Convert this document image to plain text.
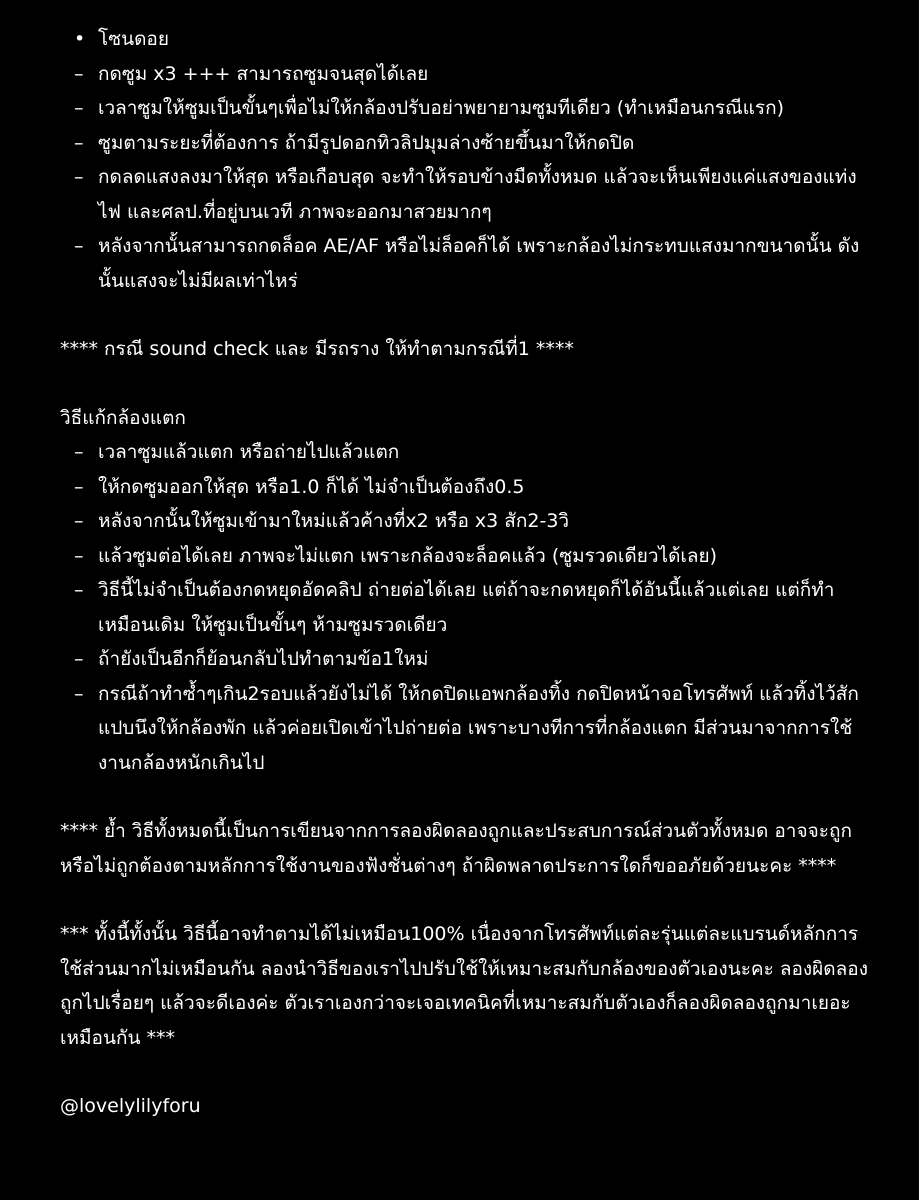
• โซนดอย
– กดซูม x3 +++ สามารถซูมจนสุดได้เลย
– เวลาซูมให้ซูมเป็นขั้นๆเพื่อไม่ให้กล้องปรับอย่าพยายามซูมทีเดียว (ทำเหมือนกรณีแรก)
– ซูมตามระยะที่ต้องการ ถ้ามีรูปดอกทิวลิปมุมล่างซ้ายขึ้นมาให้กดปิด
– กดลดแสงลงมาให้สุด หรือเกือบสุด จะทำให้รอบข้างมืดทั้งหมด แล้วจะเห็นเพียงแค่แสงของแท่งไฟ และศลป.ที่อยู่บนเวที ภาพจะออกมาสวยมากๆ
– หลังจากนั้นสามารถกดล็อค AE/AF หรือไม่ล็อคก็ได้ เพราะกล้องไม่กระทบแสงมากขนาดนั้น ดังนั้นแสงจะไม่มีผลเท่าไหร่

**** กรณี sound check และ มีรถราง ให้ทำตามกรณีที่1 ****

วิธีแก้กล้องแตก

– เวลาซูมแล้วแตก หรือถ่ายไปแล้วแตก
– ให้กดซูมออกให้สุด หรือ1.0 ก็ได้ ไม่จำเป็นต้องถึง0.5
– หลังจากนั้นให้ซูมเข้ามาใหม่แล้วค้างที่x2 หรือ x3 สัก2-3วิ
– แล้วซูมต่อได้เลย ภาพจะไม่แตก เพราะกล้องจะล็อคแล้ว (ซูมรวดเดียวได้เลย)
– วิธีนี้ไม่จำเป็นต้องกดหยุดอัดคลิป ถ่ายต่อได้เลย แต่ถ้าจะกดหยุดก็ได้อันนี้แล้วแต่เลย แต่ก็ทำเหมือนเดิม ให้ซูมเป็นขั้นๆ ห้ามซูมรวดเดียว
– ถ้ายังเป็นอีกก็ย้อนกลับไปทำตามข้อ1ใหม่
– กรณีถ้าทำซ้ำๆเกิน2รอบแล้วยังไม่ได้ ให้กดปิดแอพกล้องทิ้ง กดปิดหน้าจอโทรศัพท์ แล้วทิ้งไว้สักแปบนึงให้กล้องพัก แล้วค่อยเปิดเข้าไปถ่ายต่อ เพราะบางทีการที่กล้องแตก มีส่วนมาจากการใช้งานกล้องหนักเกินไป

**** ย้ำ วิธีทั้งหมดนี้เป็นการเขียนจากการลองผิดลองถูกและประสบการณ์ส่วนตัวทั้งหมด อาจจะถูกหรือไม่ถูกต้องตามหลักการใช้งานของฟังชั่นต่างๆ ถ้าผิดพลาดประการใดก็ขออภัยด้วยนะคะ ****

*** ทั้งนี้ทั้งนั้น วิธีนี้อาจทำตามได้ไม่เหมือน100% เนื่องจากโทรศัพท์แต่ละรุ่นแต่ละแบรนด์หลักการใช้ส่วนมากไม่เหมือนกัน ลองนำวิธีของเราไปปรับใช้ให้เหมาะสมกับกล้องของตัวเองนะคะ ลองผิดลองถูกไปเรื่อยๆ แล้วจะดีเองค่ะ ตัวเราเองกว่าจะเจอเทคนิคที่เหมาะสมกับตัวเองก็ลองผิดลองถูกมาเยอะเหมือนกัน ***

@lovelylilyforu
